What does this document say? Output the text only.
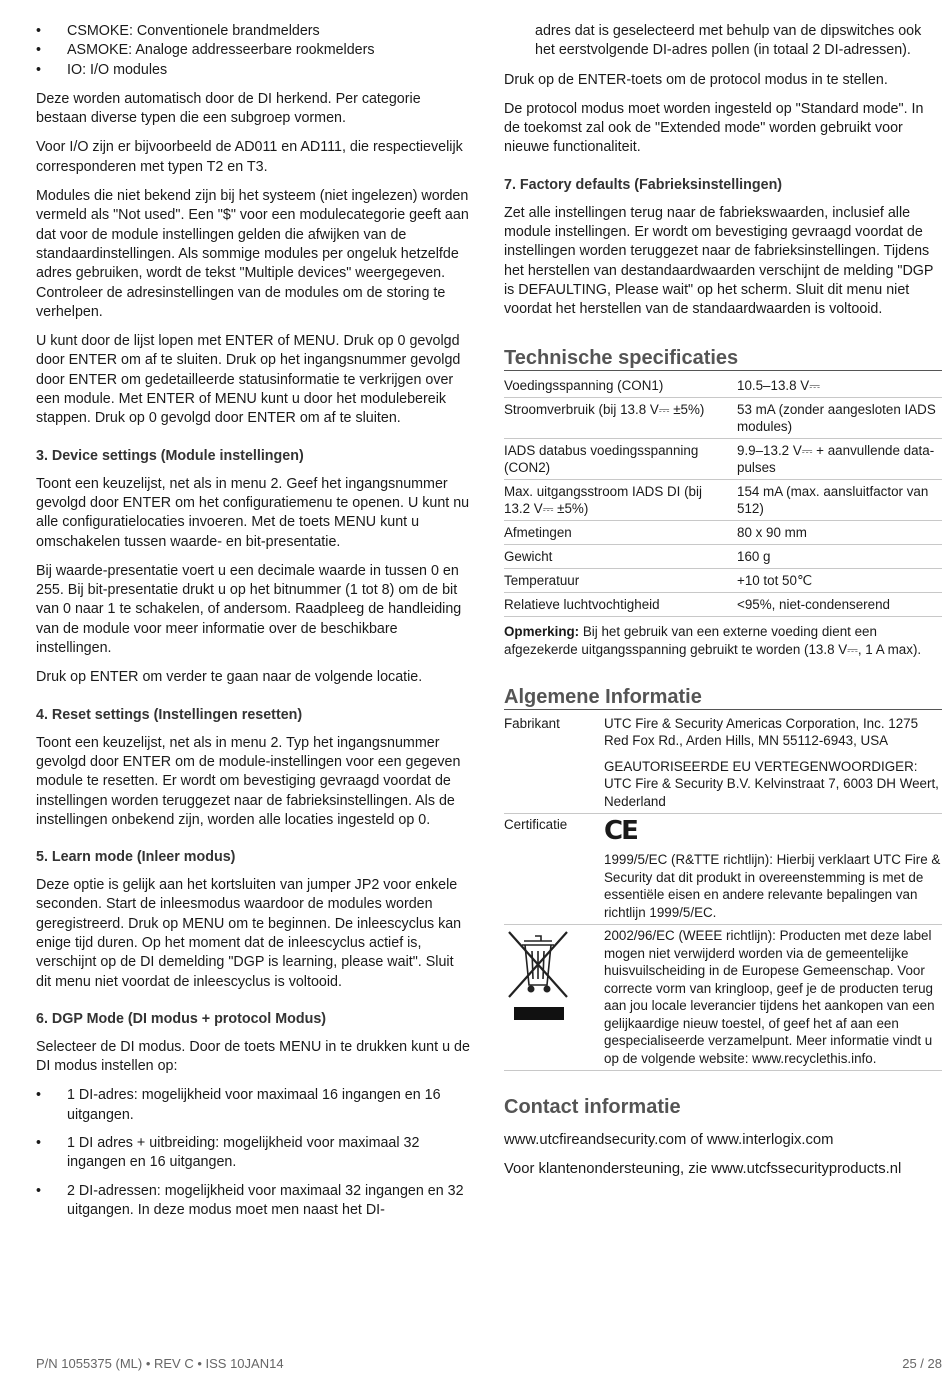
• CSMOKE: Conventionele brandmelders
• ASMOKE: Analoge addresseerbare rookmelders
• IO: I/O modules

Deze worden automatisch door de DI herkend. Per categorie bestaan diverse typen die een subgroep vormen.

Voor I/O zijn er bijvoorbeeld de AD011 en AD111, die respectievelijk corresponderen met typen T2 en T3.

Modules die niet bekend zijn bij het systeem (niet ingelezen) worden vermeld als "Not used". Een "$" voor een modulecategorie geeft aan dat voor de module instellingen gelden die afwijken van de standaardinstellingen. Als sommige modules per ongeluk hetzelfde adres gebruiken, wordt de tekst "Multiple devices" weergegeven. Controleer de adresinstellingen van de modules om de storing te verhelpen.

U kunt door de lijst lopen met ENTER of MENU. Druk op 0 gevolgd door ENTER om af te sluiten. Druk op het ingangsnummer gevolgd door ENTER om gedetailleerde statusinformatie te verkrijgen over een module. Met ENTER of MENU kunt u door het modulebereik stappen. Druk op 0 gevolgd door ENTER om af te sluiten.

3. Device settings (Module instellingen)

Toont een keuzelijst, net als in menu 2. Geef het ingangsnummer gevolgd door ENTER om het configuratiemenu te openen. U kunt nu alle configuratielocaties invoeren. Met de toets MENU kunt u omschakelen tussen waarde- en bit-presentatie.

Bij waarde-presentatie voert u een decimale waarde in tussen 0 en 255. Bij bit-presentatie drukt u op het bitnummer (1 tot 8) om de bit van 0 naar 1 te schakelen, of andersom. Raadpleeg de handleiding van de module voor meer informatie over de beschikbare instellingen.

Druk op ENTER om verder te gaan naar de volgende locatie.

4. Reset settings (Instellingen resetten)

Toont een keuzelijst, net als in menu 2. Typ het ingangsnummer gevolgd door ENTER om de module-instellingen voor een gegeven module te resetten. Er wordt om bevestiging gevraagd voordat de instellingen worden teruggezet naar de fabrieksinstellingen. Als de instellingen onbekend zijn, worden alle locaties ingesteld op 0.

5. Learn mode (Inleer modus)

Deze optie is gelijk aan het kortsluiten van jumper JP2 voor enkele seconden. Start de inleesmodus waardoor de modules worden geregistreerd. Druk op MENU om te beginnen. De inleescyclus kan enige tijd duren. Op het moment dat de inleescyclus actief is, verschijnt op de DI demelding "DGP is learning, please wait". Sluit dit menu niet voordat de inleescyclus is voltooid.

6. DGP Mode (DI modus + protocol Modus)

Selecteer de DI modus. Door de toets MENU in te drukken kunt u de DI modus instellen op:

• 1 DI-adres: mogelijkheid voor maximaal 16 ingangen en 16 uitgangen.
• 1 DI adres + uitbreiding: mogelijkheid voor maximaal 32 ingangen en 16 uitgangen.
• 2 DI-adressen: mogelijkheid voor maximaal 32 ingangen en 32 uitgangen. In deze modus moet men naast het DI-

adres dat is geselecteerd met behulp van de dipswitches ook het eerstvolgende DI-adres pollen (in totaal 2 DI-adressen).

Druk op de ENTER-toets om de protocol modus in te stellen.

De protocol modus moet worden ingesteld op "Standard mode". In de toekomst zal ook de "Extended mode" worden gebruikt voor nieuwe functionaliteit.

7. Factory defaults (Fabrieksinstellingen)

Zet alle instellingen terug naar de fabriekswaarden, inclusief alle module instellingen. Er wordt om bevestiging gevraagd voordat de instellingen worden teruggezet naar de fabrieksinstellingen. Tijdens het herstellen van destandaardwaarden verschijnt de melding "DGP is DEFAULTING, Please wait" op het scherm. Sluit dit menu niet voordat het herstellen van de standaardwaarden is voltooid.

Technische specificaties
Voedingsspanning (CON1)	10.5–13.8 V⎓
Stroomverbruik (bij 13.8 V⎓ ±5%)	53 mA (zonder aangesloten IADS modules)
IADS databus voedingsspanning (CON2)	9.9–13.2 V⎓ + aanvullende data-pulses
Max. uitgangsstroom IADS DI (bij 13.2 V⎓ ±5%)	154 mA (max. aansluitfactor van 512)
Afmetingen	80 x 90 mm
Gewicht	160 g
Temperatuur	+10 tot 50℃
Relatieve luchtvochtigheid	<95%, niet-condenserend
Opmerking: Bij het gebruik van een externe voeding dient een afgezekerde uitgangsspanning gebruikt te worden (13.8 V⎓, 1 A max).
Algemene Informatie
Fabrikant	UTC Fire & Security Americas Corporation, Inc. 1275 Red Fox Rd., Arden Hills, MN 55112-6943, USA
GEAUTORISEERDE EU VERTEGENWOORDIGER: UTC Fire & Security B.V. Kelvinstraat 7, 6003 DH Weert, Nederland

Certificatie	CE
	1999/5/EC (R&TTE richtlijn): Hierbij verklaart UTC Fire & Security dat dit produkt in overeenstemming is met de essentiële eisen en andere relevante bepalingen van richtlijn 1999/5/EC.
	2002/96/EC (WEEE richtlijn): Producten met deze label mogen niet verwijderd worden via de gemeentelijke huisvuilscheiding in de Europese Gemeenschap. Voor correcte vorm van kringloop, geef je de producten terug aan jou locale leverancier tijdens het aankopen van een gelijkaardige nieuw toestel, of geef het af aan een gespecialiseerde verzamelpunt. Meer informatie vindt u op de volgende website: www.recyclethis.info.
Contact informatie

www.utcfireandsecurity.com of www.interlogix.com

Voor klantenondersteuning, zie www.utcfssecurityproducts.nl

P/N 1055375 (ML) • REV C • ISS 10JAN14	25 / 28
